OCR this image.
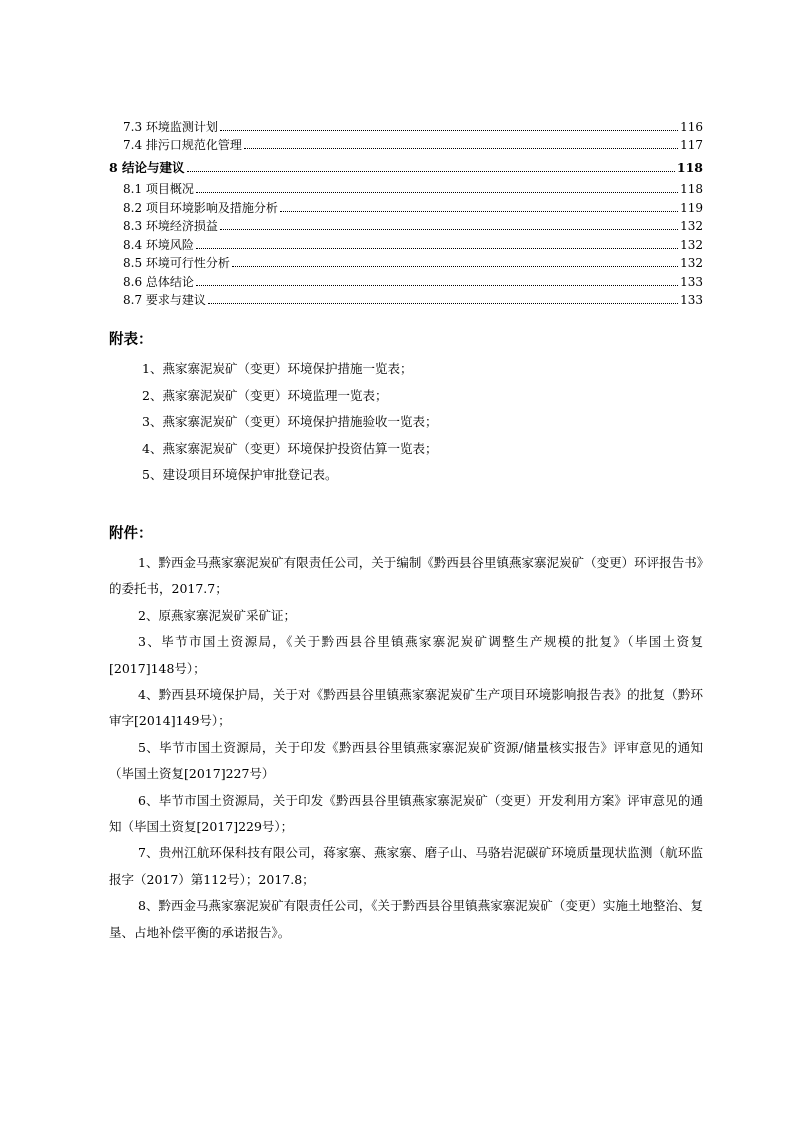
7.3 环境监测计划	116
7.4 排污口规范化管理	117
8 结论与建议	118
8.1 项目概况	118
8.2 项目环境影响及措施分析	119
8.3 环境经济损益	132
8.4 环境风险	132
8.5 环境可行性分析	132
8.6 总体结论	133
8.7 要求与建议	133
附表：
1、燕家寨泥炭矿（变更）环境保护措施一览表；
2、燕家寨泥炭矿（变更）环境监理一览表；
3、燕家寨泥炭矿（变更）环境保护措施验收一览表；
4、燕家寨泥炭矿（变更）环境保护投资估算一览表；
5、建设项目环境保护审批登记表。
附件：
1、黔西金马燕家寨泥炭矿有限责任公司，关于编制《黔西县谷里镇燕家寨泥炭矿（变更）环评报告书》的委托书，2017.7；
2、原燕家寨泥炭矿采矿证；
3、毕节市国土资源局，《关于黔西县谷里镇燕家寨泥炭矿调整生产规模的批复》（毕国土资复[2017]148号）；
4、黔西县环境保护局，关于对《黔西县谷里镇燕家寨泥炭矿生产项目环境影响报告表》的批复（黔环审字[2014]149号）；
5、毕节市国土资源局，关于印发《黔西县谷里镇燕家寨泥炭矿资源/储量核实报告》评审意见的通知（毕国土资复[2017]227号）
6、毕节市国土资源局，关于印发《黔西县谷里镇燕家寨泥炭矿（变更）开发利用方案》评审意见的通知（毕国土资复[2017]229号）；
7、贵州江航环保科技有限公司，蒋家寨、燕家寨、磨子山、马骆岩泥碳矿环境质量现状监测（航环监报字（2017）第112号）；2017.8；
8、黔西金马燕家寨泥炭矿有限责任公司，《关于黔西县谷里镇燕家寨泥炭矿（变更）实施土地整治、复垦、占地补偿平衡的承诺报告》。
